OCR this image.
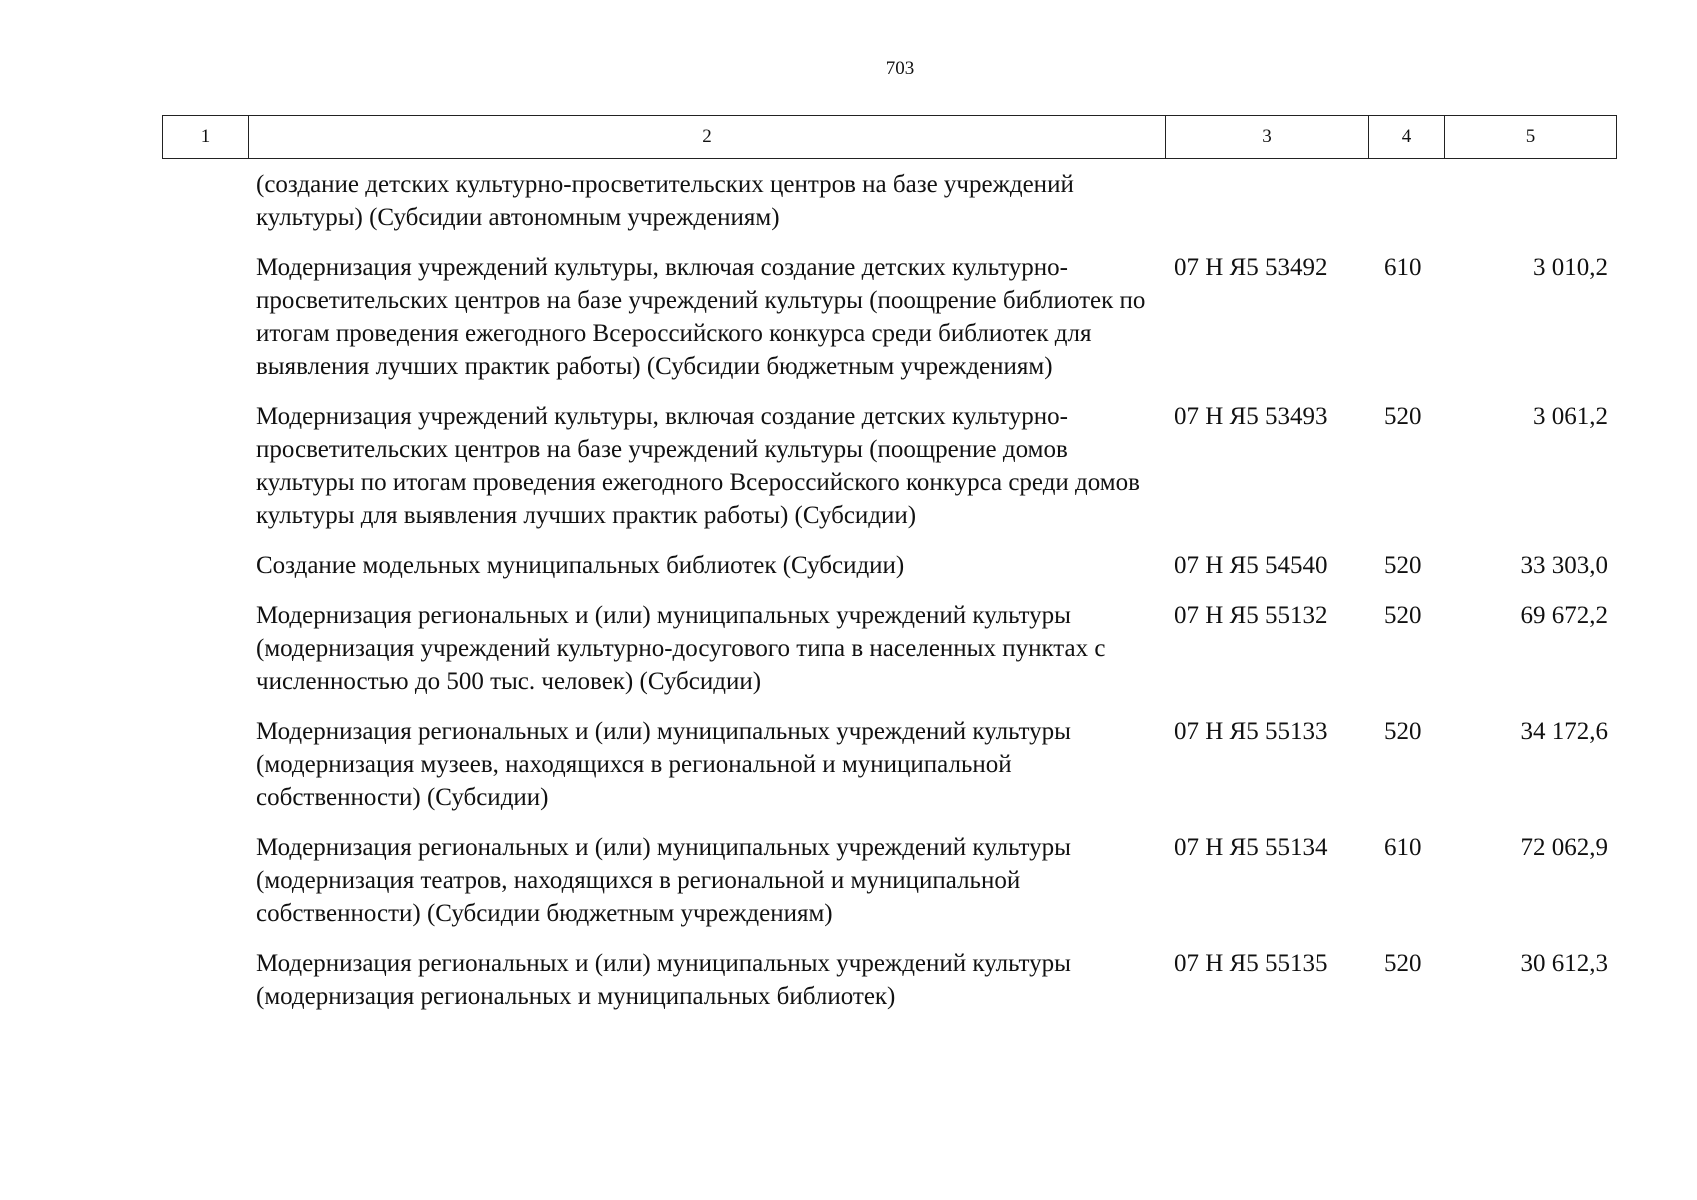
703
1	2	3	4	5
(создание детских культурно-просветительских центров на базе учреждений культуры) (Субсидии автономным учреждениям)			
Модернизация учреждений культуры, включая создание детских культурно-просветительских центров на базе учреждений культуры (поощрение библиотек по итогам проведения ежегодного Всероссийского конкурса среди библиотек для выявления лучших практик работы) (Субсидии бюджетным учреждениям)	07 Н Я5 53492	610	3 010,2
Модернизация учреждений культуры, включая создание детских культурно-просветительских центров на базе учреждений культуры (поощрение домов культуры по итогам проведения ежегодного Всероссийского конкурса среди домов культуры для выявления лучших практик работы) (Субсидии)	07 Н Я5 53493	520	3 061,2
Создание модельных муниципальных библиотек (Субсидии)	07 Н Я5 54540	520	33 303,0
Модернизация региональных и (или) муниципальных учреждений культуры (модернизация учреждений культурно-досугового типа в населенных пунктах с численностью до 500 тыс. человек) (Субсидии)	07 Н Я5 55132	520	69 672,2
Модернизация региональных и (или) муниципальных учреждений культуры (модернизация музеев, находящихся в региональной и муниципальной собственности) (Субсидии)	07 Н Я5 55133	520	34 172,6
Модернизация региональных и (или) муниципальных учреждений культуры (модернизация театров, находящихся в региональной и муниципальной собственности) (Субсидии бюджетным учреждениям)	07 Н Я5 55134	610	72 062,9
Модернизация региональных и (или) муниципальных учреждений культуры (модернизация региональных и муниципальных библиотек)	07 Н Я5 55135	520	30 612,3
